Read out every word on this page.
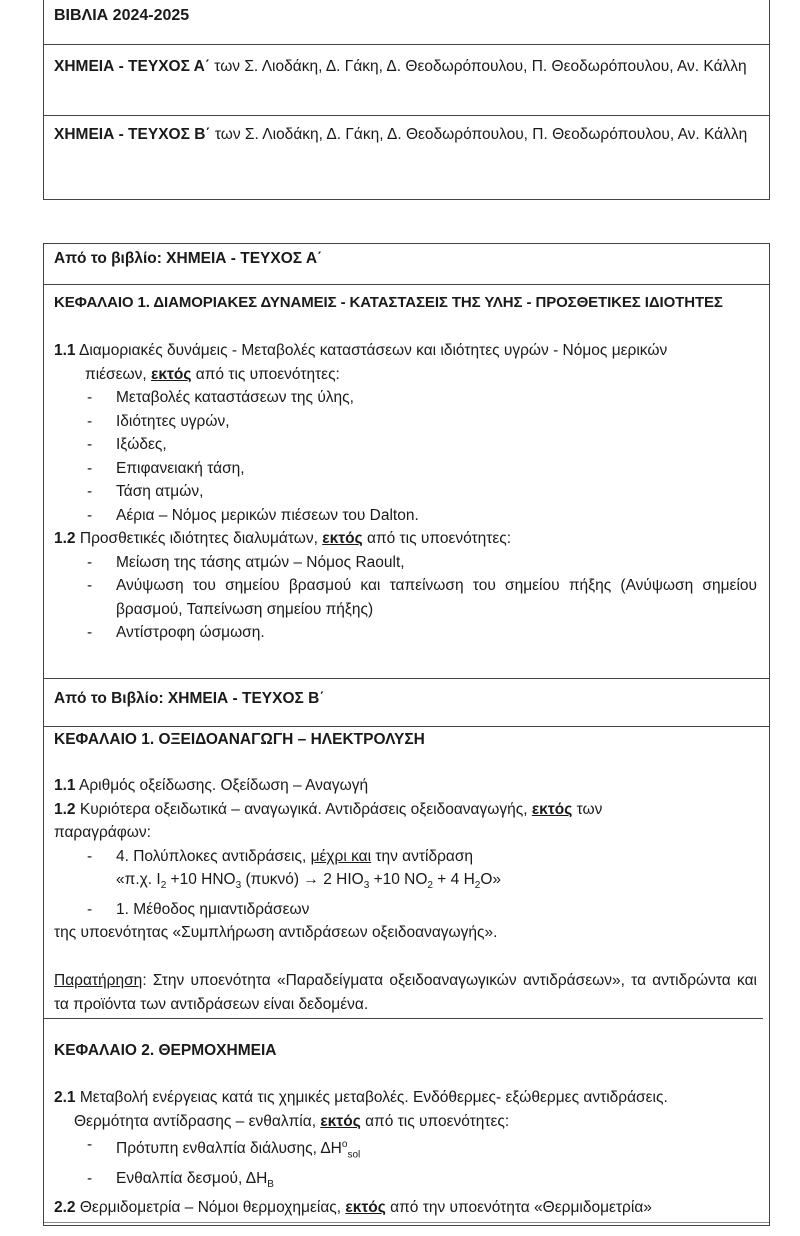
ΒΙΒΛΙΑ 2024-2025
ΧΗΜΕΙΑ - ΤΕΥΧΟΣ Α΄ των Σ. Λιοδάκη, Δ. Γάκη, Δ. Θεοδωρόπουλου, Π. Θεοδωρόπουλου, Αν. Κάλλη
ΧΗΜΕΙΑ - ΤΕΥΧΟΣ Β΄ των Σ. Λιοδάκη, Δ. Γάκη, Δ. Θεοδωρόπουλου, Π. Θεοδωρόπουλου, Αν. Κάλλη
Από το βιβλίο: ΧΗΜΕΙΑ - ΤΕΥΧΟΣ Α΄
ΚΕΦΑΛΑΙΟ 1. ΔΙΑΜΟΡΙΑΚΕΣ ΔΥΝΑΜΕΙΣ - ΚΑΤΑΣΤΑΣΕΙΣ ΤΗΣ ΥΛΗΣ - ΠΡΟΣΘΕΤΙΚΕΣ ΙΔΙΟΤΗΤΕΣ
1.1 Διαμοριακές δυνάμεις - Μεταβολές καταστάσεων και ιδιότητες υγρών - Νόμος μερικών
πιέσεων, εκτός από τις υποενότητες:
- Μεταβολές καταστάσεων της ύλης,
- Ιδιότητες υγρών,
- Ιξώδες,
- Επιφανειακή τάση,
- Τάση ατμών,
- Αέρια – Νόμος μερικών πιέσεων του Dalton.
1.2 Προσθετικές ιδιότητες διαλυμάτων, εκτός από τις υποενότητες:
- Μείωση της τάσης ατμών – Νόμος Raoult,
- Ανύψωση του σημείου βρασμού και ταπείνωση του σημείου πήξης (Ανύψωση σημείου βρασμού, Ταπείνωση σημείου πήξης)
- Αντίστροφη ώσμωση.
Από το Βιβλίο: ΧΗΜΕΙΑ - ΤΕΥΧΟΣ Β΄
ΚΕΦΑΛΑΙΟ 1. ΟΞΕΙΔΟΑΝΑΓΩΓΗ – ΗΛΕΚΤΡΟΛΥΣΗ
1.1 Αριθμός οξείδωσης. Οξείδωση – Αναγωγή
1.2 Κυριότερα οξειδωτικά – αναγωγικά. Αντιδράσεις οξειδοαναγωγής, εκτός των
παραγράφων:
- 4. Πολύπλοκες αντιδράσεις, μέχρι και την αντίδραση
«π.χ. $I_2 +10$ $HNO_3$ (πυκνό) → 2 $HIO_3 +10$ $NO_2 + 4$ $H_2O$»
- 1. Μέθοδος ημιαντιδράσεων
της υποενότητας «Συμπλήρωση αντιδράσεων οξειδοαναγωγής».
Παρατήρηση: Στην υποενότητα «Παραδείγματα οξειδοαναγωγικών αντιδράσεων», τα αντιδρώντα και τα προϊόντα των αντιδράσεων είναι δεδομένα.
ΚΕΦΑΛΑΙΟ 2. ΘΕΡΜΟΧΗΜΕΙΑ
2.1 Μεταβολή ενέργειας κατά τις χημικές μεταβολές. Ενδόθερμες- εξώθερμες αντιδράσεις.
Θερμότητα αντίδρασης – ενθαλπία, εκτός από τις υποενότητες:
- Πρότυπη ενθαλπία διάλυσης, $\Delta H^o_{sol}$
- Ενθαλπία δεσμού, $\Delta H_B$
2.2 Θερμιδομετρία – Νόμοι θερμοχημείας, εκτός από την υποενότητα «Θερμιδομετρία»
